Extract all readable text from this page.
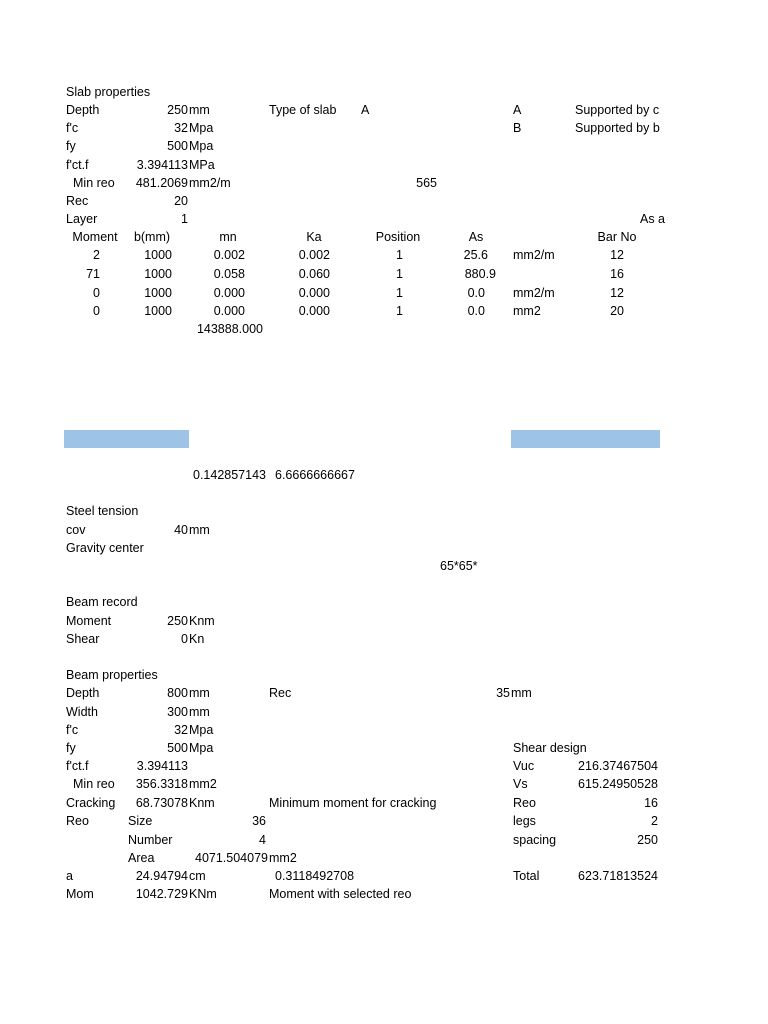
Slab properties
Depth	250 mm	Type of slab A	A	Supported by c
f'c	32 Mpa	B	Supported by b
fy	500 Mpa
f'ct.f	3.394113 MPa
Min reo	481.2069 mm2/m	565
Rec	20
Layer	1	As a
Moment	b(mm)	mn	Ka	Position	As	Bar No
2	1000	0.002	0.002	1	25.6 mm2/m	12
71	1000	0.058	0.060	1	880.9	16
0	1000	0.000	0.000	1	0.0 mm2/m	12
0	1000	0.000	0.000	1	0.0 mm2	20
143888.000
0.142857143 6.6666666667
Steel tension
cov	40 mm
Gravity center
65*65*
Beam record
Moment	250 Knm
Shear	0 Kn
Beam properties
Depth	800 mm	Rec	35 mm
Width	300 mm
f'c	32 Mpa
fy	500 Mpa	Shear design
f'ct.f	3.394113	Vuc	216.37467504
Min reo	356.3318 mm2	Vs	615.24950528
Cracking	68.73078 Knm	Minimum moment for cracking	Reo	16
Reo	Size	36	legs	2
Number	4	spacing	250
Area	4071.504079 mm2
a	24.94794 cm	0.3118492708	Total	623.71813524
Mom	1042.729 KNm	Moment with selected reo
